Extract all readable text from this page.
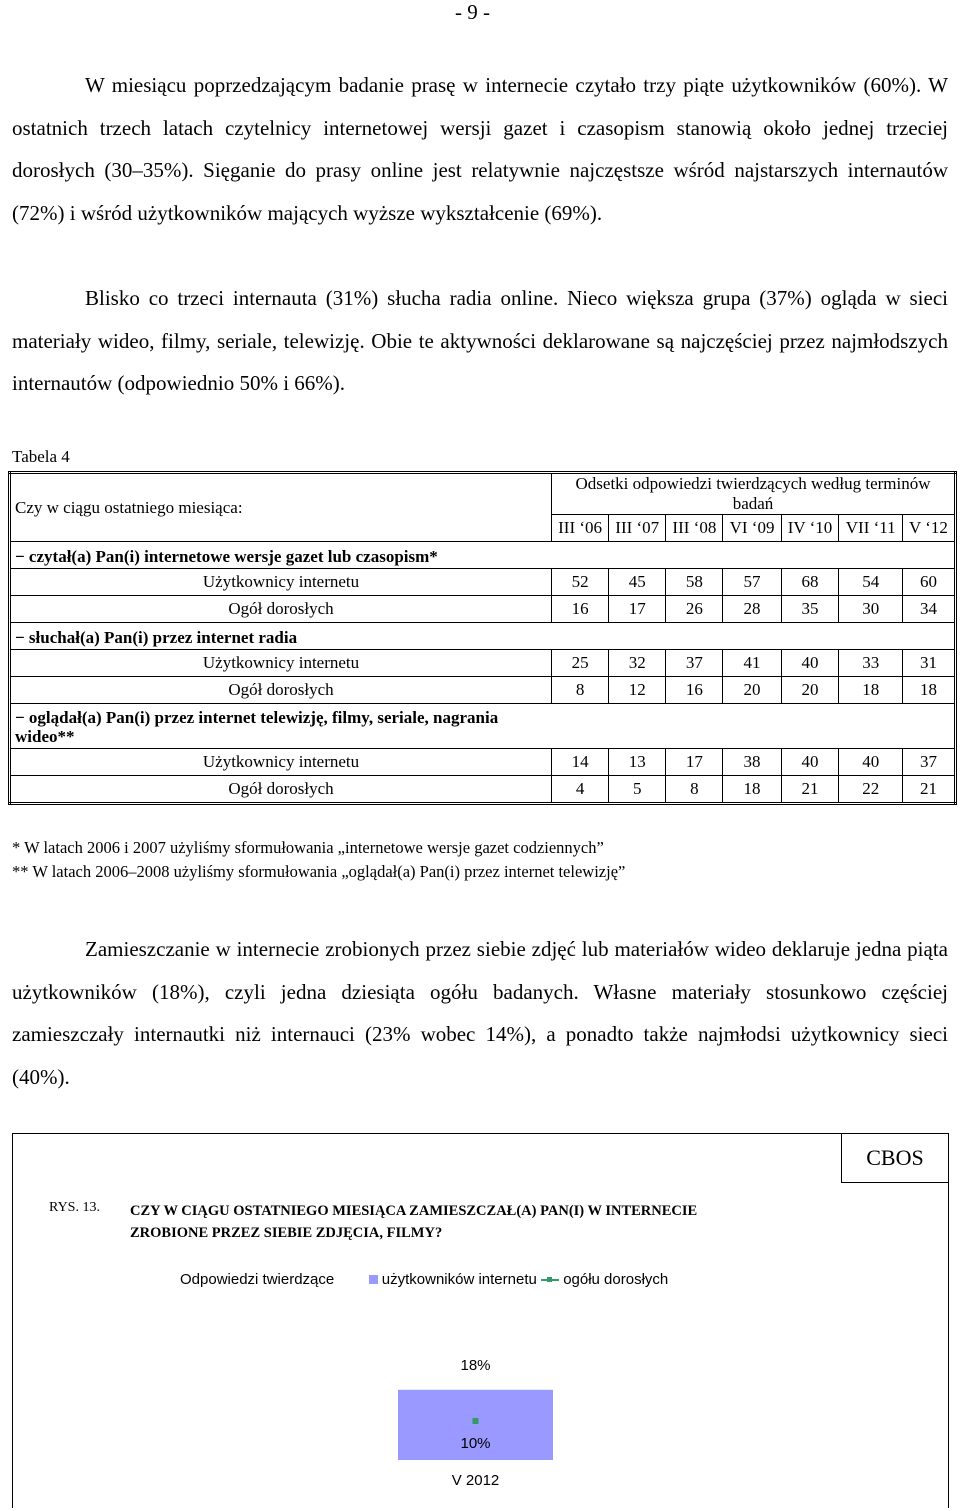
- 9 -
W miesiącu poprzedzającym badanie prasę w internecie czytało trzy piąte użytkowników (60%). W ostatnich trzech latach czytelnicy internetowej wersji gazet i czasopism stanowią około jednej trzeciej dorosłych (30–35%). Sięganie do prasy online jest relatywnie najczęstsze wśród najstarszych internautów (72%) i wśród użytkowników mających wyższe wykształcenie (69%).
Blisko co trzeci internauta (31%) słucha radia online. Nieco większa grupa (37%) ogląda w sieci materiały wideo, filmy, seriale, telewizję. Obie te aktywności deklarowane są najczęściej przez najmłodszych internautów (odpowiednio 50% i 66%).
Tabela 4
Czy w ciągu ostatniego miesiąca:	Odsetki odpowiedzi twierdzących według terminów badań						
	III ‘06	III ‘07	III ‘08	VI ‘09	IV ‘10	VII ‘11	V ‘12
− czytał(a) Pan(i) internetowe wersje gazet lub czasopism*							
Użytkownicy internetu	52	45	58	57	68	54	60
Ogół dorosłych	16	17	26	28	35	30	34
− słuchał(a) Pan(i) przez internet radia							
Użytkownicy internetu	25	32	37	41	40	33	31
Ogół dorosłych	8	12	16	20	20	18	18
− oglądał(a) Pan(i) przez internet telewizję, filmy, seriale, nagrania wideo**							
Użytkownicy internetu	14	13	17	38	40	40	37
Ogół dorosłych	4	5	8	18	21	22	21
* W latach 2006 i 2007 użyliśmy sformułowania „internetowe wersje gazet codziennych”
** W latach 2006–2008 użyliśmy sformułowania „oglądał(a) Pan(i) przez internet telewizję”
Zamieszczanie w internecie zrobionych przez siebie zdjęć lub materiałów wideo deklaruje jedna piąta użytkowników (18%), czyli jedna dziesiąta ogółu badanych. Własne materiały stosunkowo częściej zamieszczały internautki niż internauci (23% wobec 14%), a ponadto także najmłodsi użytkownicy sieci (40%).
18%
10%
V 2012
CBOS
RYS. 13. CZY W CIĄGU OSTATNIEGO MIESIĄCA ZAMIESZCZAŁ(A) PAN(I) W INTERNECIE
ZROBIONE PRZEZ SIEBIE ZDJĘCIA, FILMY?
Odpowiedzi twierdzące	użytkowników internetu ogółu dorosłych
